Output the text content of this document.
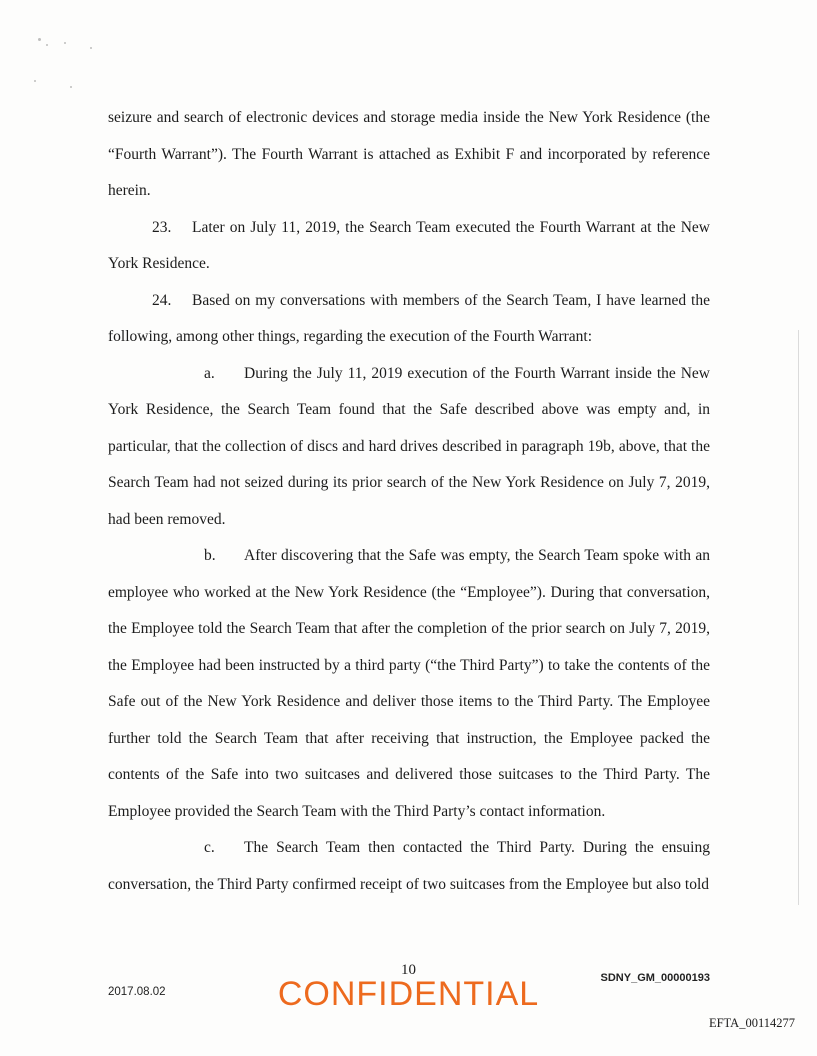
seizure and search of electronic devices and storage media inside the New York Residence (the “Fourth Warrant”). The Fourth Warrant is attached as Exhibit F and incorporated by reference herein.

23. Later on July 11, 2019, the Search Team executed the Fourth Warrant at the New York Residence.

24. Based on my conversations with members of the Search Team, I have learned the following, among other things, regarding the execution of the Fourth Warrant:

a. During the July 11, 2019 execution of the Fourth Warrant inside the New York Residence, the Search Team found that the Safe described above was empty and, in particular, that the collection of discs and hard drives described in paragraph 19b, above, that the Search Team had not seized during its prior search of the New York Residence on July 7, 2019, had been removed.

b. After discovering that the Safe was empty, the Search Team spoke with an employee who worked at the New York Residence (the “Employee”). During that conversation, the Employee told the Search Team that after the completion of the prior search on July 7, 2019, the Employee had been instructed by a third party (“the Third Party”) to take the contents of the Safe out of the New York Residence and deliver those items to the Third Party. The Employee further told the Search Team that after receiving that instruction, the Employee packed the contents of the Safe into two suitcases and delivered those suitcases to the Third Party. The Employee provided the Search Team with the Third Party’s contact information.

c. The Search Team then contacted the Third Party. During the ensuing conversation, the Third Party confirmed receipt of two suitcases from the Employee but also told

10
CONFIDENTIAL	SDNY_GM_00000193
2017.08.02
EFTA_00114277
